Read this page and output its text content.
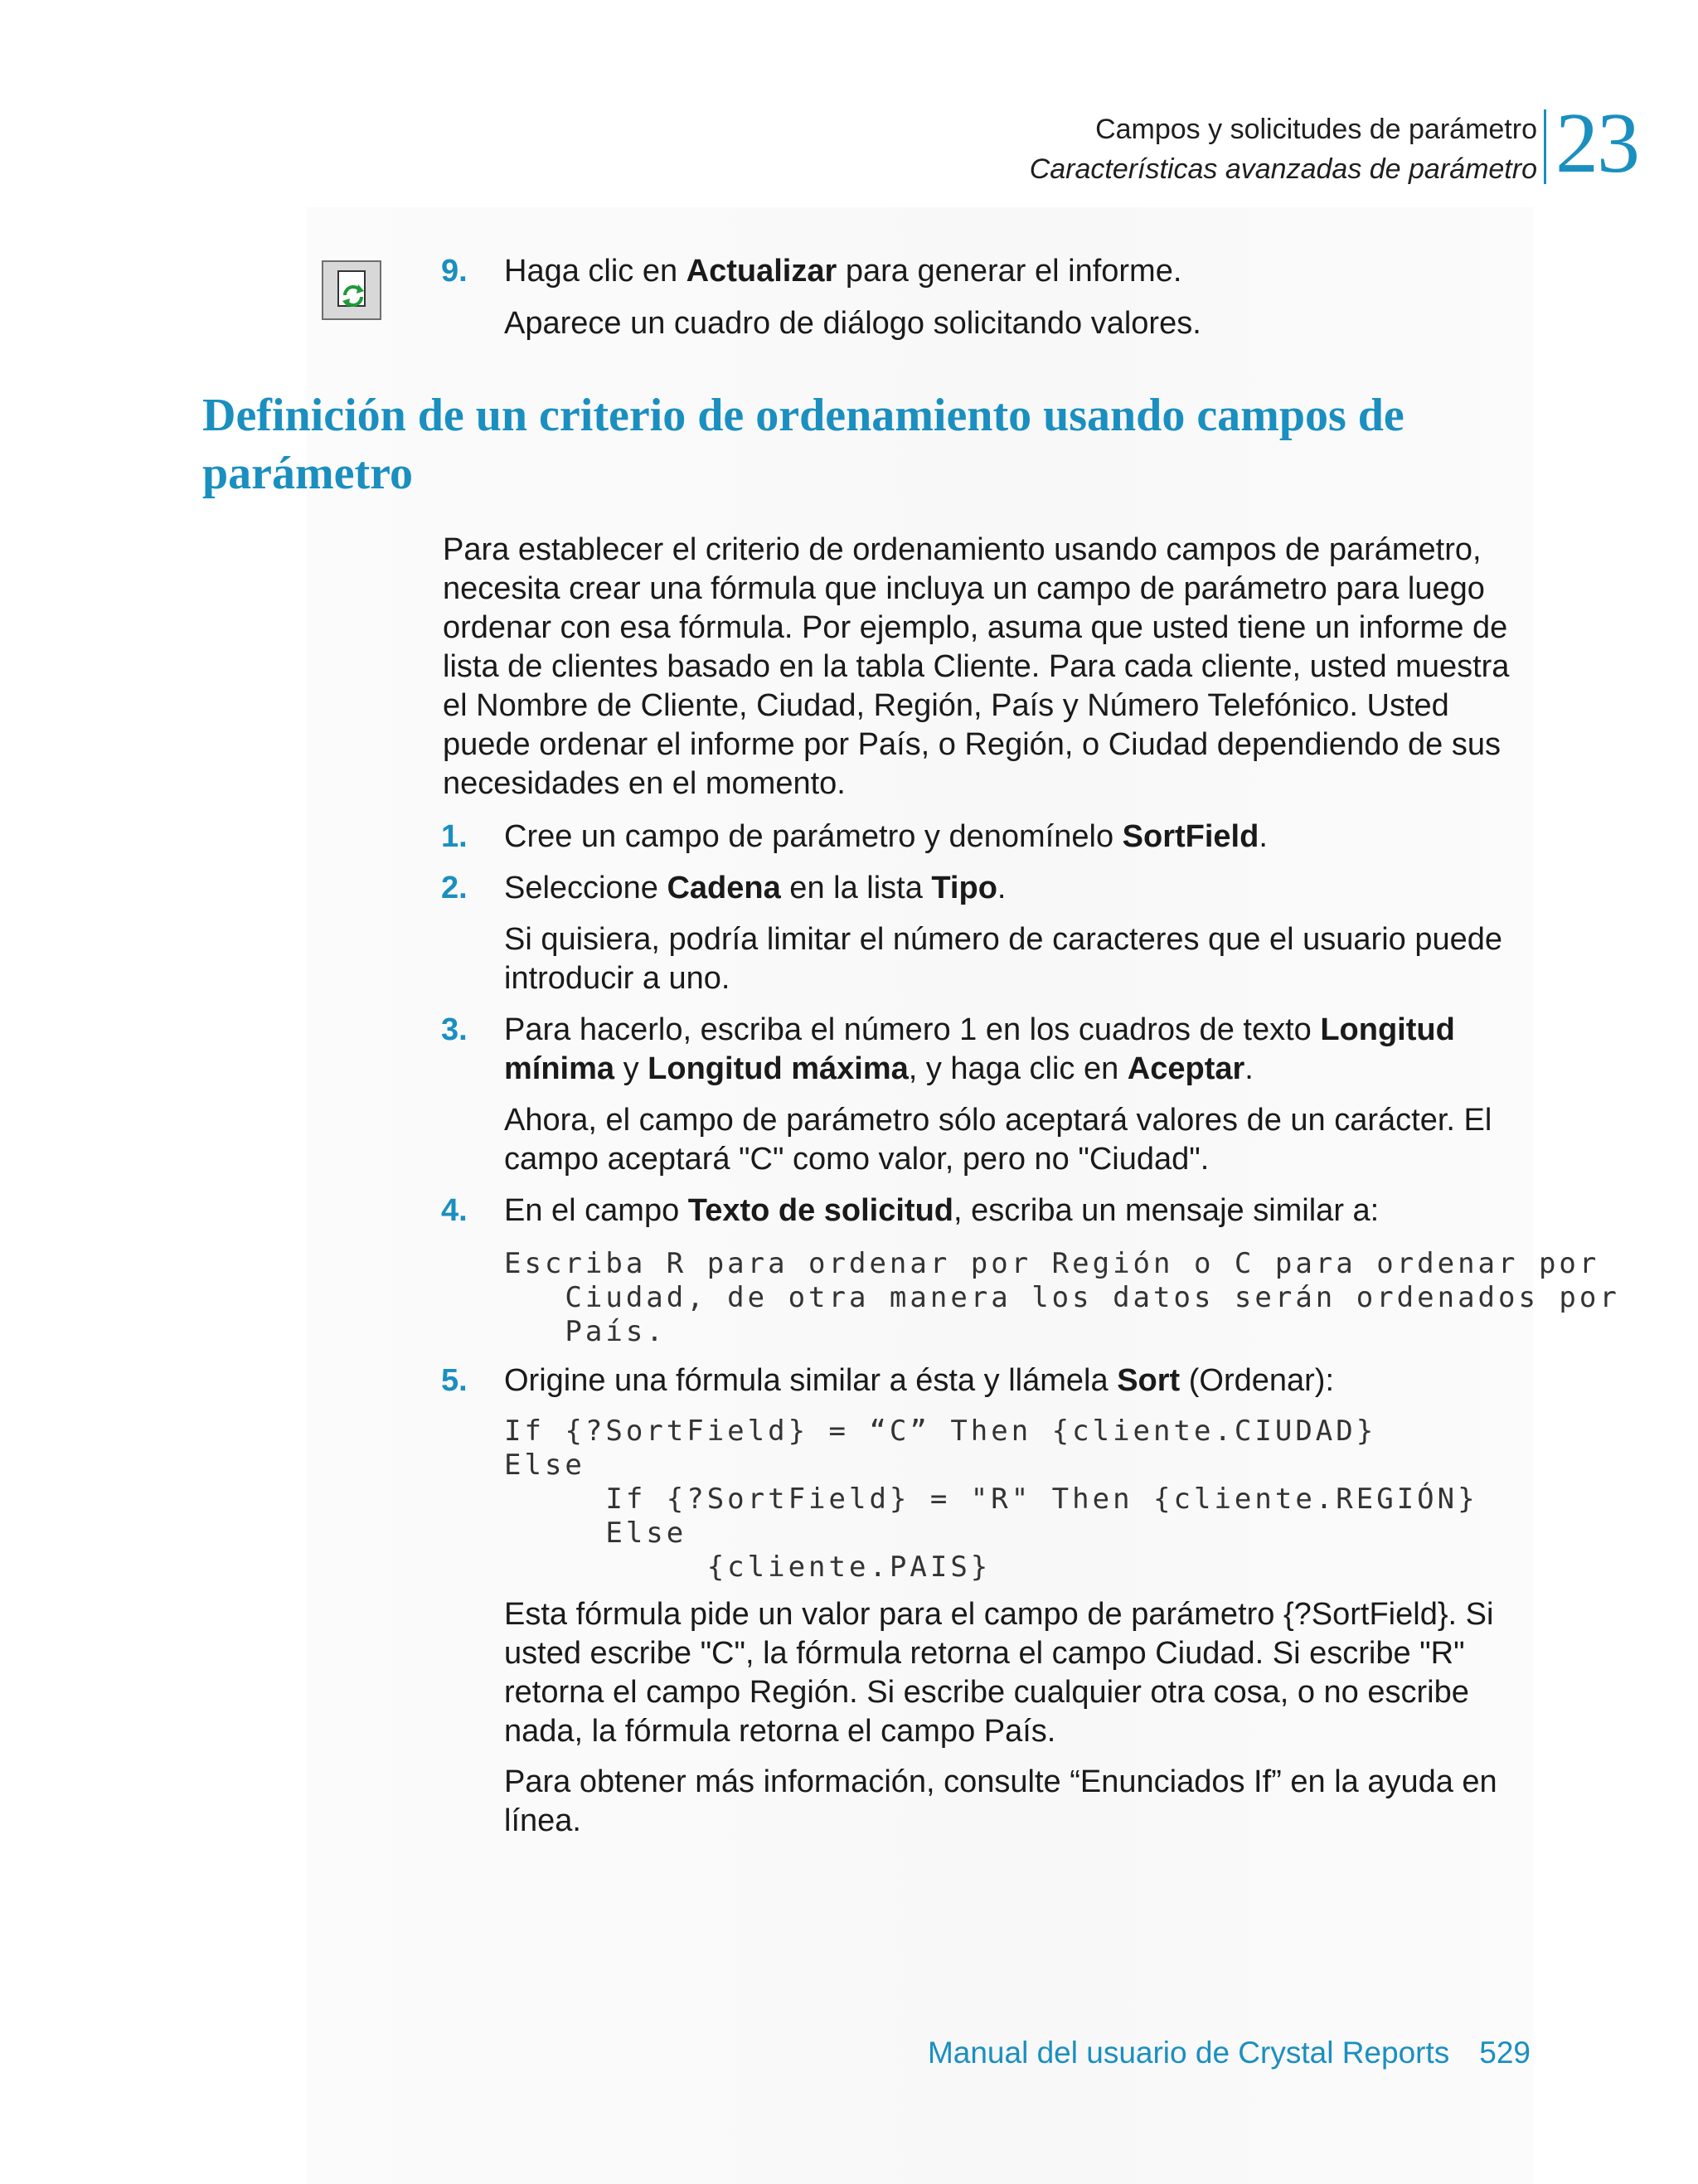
Campos y solicitudes de parámetro
Características avanzadas de parámetro 23
9. Haga clic en Actualizar para generar el informe.
Aparece un cuadro de diálogo solicitando valores.
Definición de un criterio de ordenamiento usando campos de parámetro
Para establecer el criterio de ordenamiento usando campos de parámetro, necesita crear una fórmula que incluya un campo de parámetro para luego ordenar con esa fórmula. Por ejemplo, asuma que usted tiene un informe de lista de clientes basado en la tabla Cliente. Para cada cliente, usted muestra el Nombre de Cliente, Ciudad, Región, País y Número Telefónico. Usted puede ordenar el informe por País, o Región, o Ciudad dependiendo de sus necesidades en el momento.
1. Cree un campo de parámetro y denomínelo SortField.
2. Seleccione Cadena en la lista Tipo.
Si quisiera, podría limitar el número de caracteres que el usuario puede introducir a uno.
3. Para hacerlo, escriba el número 1 en los cuadros de texto Longitud mínima y Longitud máxima, y haga clic en Aceptar.
Ahora, el campo de parámetro sólo aceptará valores de un carácter. El campo aceptará "C" como valor, pero no "Ciudad".
4. En el campo Texto de solicitud, escriba un mensaje similar a:
Escriba R para ordenar por Región o C para ordenar por
Ciudad, de otra manera los datos serán ordenados por
País.
5. Origine una fórmula similar a ésta y llámela Sort (Ordenar):
If {?SortField} = “C” Then {cliente.CIUDAD}
Else
If {?SortField} = "R" Then {cliente.REGIÓN}
Else
{cliente.PAIS}
Esta fórmula pide un valor para el campo de parámetro {?SortField}. Si usted escribe "C", la fórmula retorna el campo Ciudad. Si escribe "R" retorna el campo Región. Si escribe cualquier otra cosa, o no escribe nada, la fórmula retorna el campo País.
Para obtener más información, consulte “Enunciados If” en la ayuda en línea.
Manual del usuario de Crystal Reports 529
